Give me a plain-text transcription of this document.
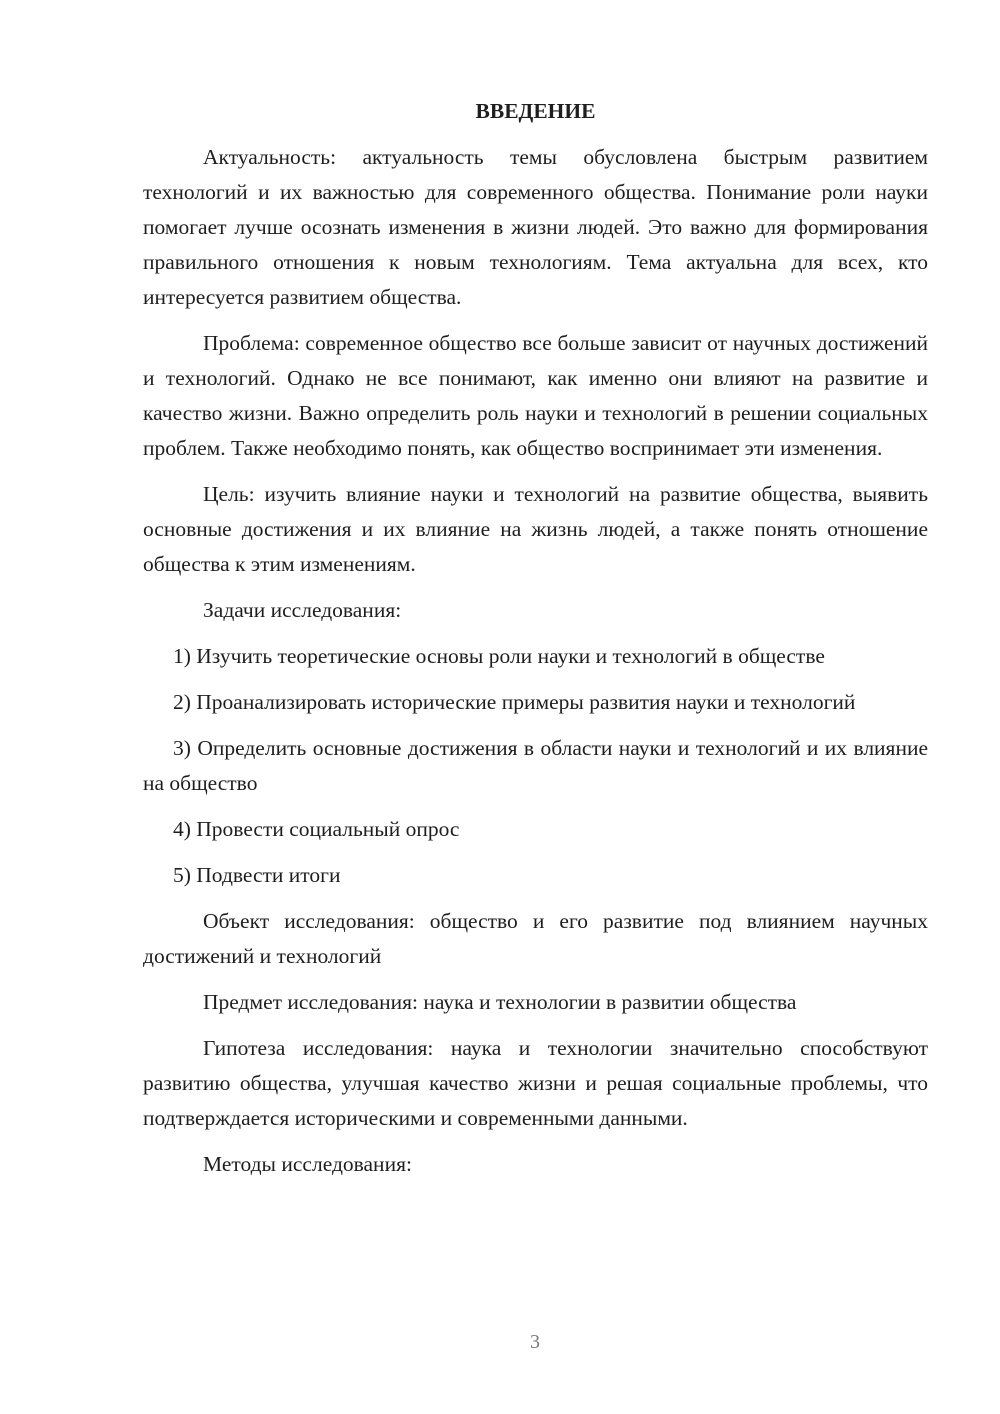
ВВЕДЕНИЕ

Актуальность: актуальность темы обусловлена быстрым развитием технологий и их важностью для современного общества. Понимание роли науки помогает лучше осознать изменения в жизни людей. Это важно для формирования правильного отношения к новым технологиям. Тема актуальна для всех, кто интересуется развитием общества.

Проблема: современное общество все больше зависит от научных достижений и технологий. Однако не все понимают, как именно они влияют на развитие и качество жизни. Важно определить роль науки и технологий в решении социальных проблем. Также необходимо понять, как общество воспринимает эти изменения.

Цель: изучить влияние науки и технологий на развитие общества, выявить основные достижения и их влияние на жизнь людей, а также понять отношение общества к этим изменениям.

Задачи исследования:

1) Изучить теоретические основы роли науки и технологий в обществе

2) Проанализировать исторические примеры развития науки и технологий

3) Определить основные достижения в области науки и технологий и их влияние на общество

4) Провести социальный опрос

5) Подвести итоги

Объект исследования: общество и его развитие под влиянием научных достижений и технологий

Предмет исследования: наука и технологии в развитии общества

Гипотеза исследования: наука и технологии значительно способствуют развитию общества, улучшая качество жизни и решая социальные проблемы, что подтверждается историческими и современными данными.

Методы исследования:

3
